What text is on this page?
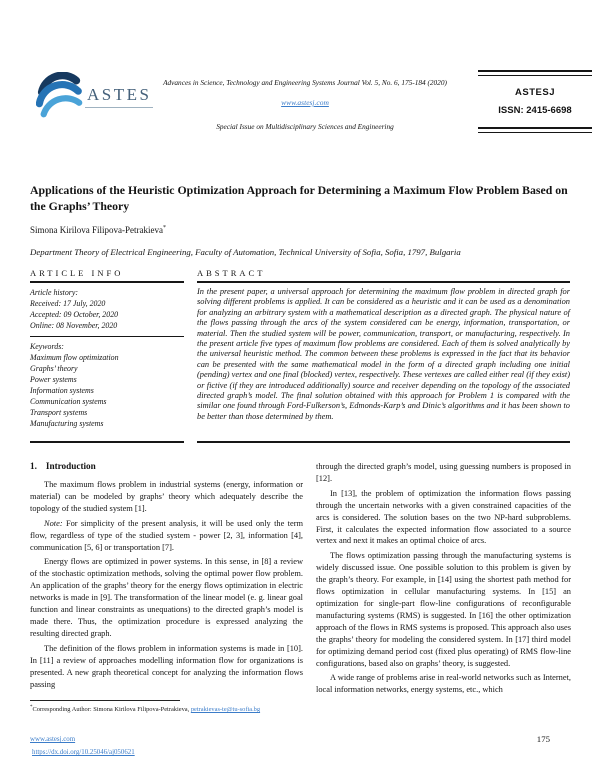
ASTES
Advances in Science, Technology and Engineering Systems Journal Vol. 5, No. 6, 175-184 (2020)
www.astesj.com
Special Issue on Multidisciplinary Sciences and Engineering
ASTESJ
ISSN: 2415-6698
Applications of the Heuristic Optimization Approach for Determining a Maximum Flow Problem Based on the Graphs’ Theory
Simona Kirilova Filipova-Petrakieva*
Department Theory of Electrical Engineering, Faculty of Automation, Technical University of Sofia, Sofia, 1797, Bulgaria
ARTICLE INFO
Article history:
Received: 17 July, 2020
Accepted: 09 October, 2020
Online: 08 November, 2020
Keywords:
Maximum flow optimization
Graphs’ theory
Power systems
Information systems
Communication systems
Transport systems
Manufacturing systems
ABSTRACT
In the present paper, a universal approach for determining the maximum flow problem in directed graph for solving different problems is applied. It can be considered as a heuristic and it can be used as a denomination for analyzing an arbitrary system with a mathematical description as a directed graph. The physical nature of the flows passing through the arcs of the system considered can be energy, information, transportation, or material. Then the studied system will be power, communication, transport, or manufacturing, respectively. In the present article five types of maximum flow problems are considered. Each of them is solved analytically by the universal heuristic method. The common between these problems is expressed in the fact that its behavior can be presented with the same mathematical model in the form of a directed graph including one initial (pending) vertex and one final (blocked) vertex, respectively. These vertexes are called either real (if they exist) or fictive (if they are introduced additionally) source and receiver depending on the topology of the associated directed graph’s model. The final solution obtained with this approach for Problem 1 is compared with the similar one found through Ford-Fulkerson’s, Edmonds-Karp’s and Dinic’s algorithms and it has been shown to be better than those determined by them.
1. Introduction

The maximum flows problem in industrial systems (energy, information or material) can be modeled by graphs’ theory which adequately describe the topology of the studied system [1].

Note: For simplicity of the present analysis, it will be used only the term flow, regardless of type of the studied system - power [2, 3], information [4], communication [5, 6] or transportation [7].

Energy flows are optimized in power systems. In this sense, in [8] a review of the stochastic optimization methods, solving the optimal power flow problem. An application of the graphs’ theory for the energy flows optimization in electric networks is made in [9]. The transformation of the linear model (e. g. linear goal function and linear constraints as unequations) to the directed graph’s model is made there. Thus, the optimization procedure is expressed analyzing the resulting directed graph.

The definition of the flows problem in information systems is made in [10]. In [11] a review of approaches modelling information flow for organizations is presented. A new graph theoretical concept for analyzing the information flows passing

through the directed graph’s model, using guessing numbers is proposed in [12].

In [13], the problem of optimization the information flows passing through the uncertain networks with a given constrained capacities of the arcs is considered. The solution bases on the two NP-hard subproblems. First, it calculates the expected information flow associated to a source vertex and next it makes an optimal choice of arcs.

The flows optimization passing through the manufacturing systems is widely discussed issue. One possible solution to this problem is given by the graph’s theory. For example, in [14] using the shortest path method for flows optimization in cellular manufacturing systems. In [15] an optimization for single-part flow-line configurations of reconfigurable manufacturing systems (RMS) is suggested. In [16] the other optimization approach of the flows in RMS systems is proposed. This approach also uses the graphs’ theory for modeling the considered system. In [17] third model for optimizing demand period cost (fixed plus operating) of RMS flow-line configurations, based also on graphs’ theory, is suggested.

A wide range of problems arise in real-world networks such as Internet, local information networks, energy systems, etc., which

*Corresponding Author: Simona Kirilova Filipova-Petrakieva, petrakievas-te@tu-sofia.bg
www.astesj.com
https://dx.doi.org/10.25046/aj050621
175
